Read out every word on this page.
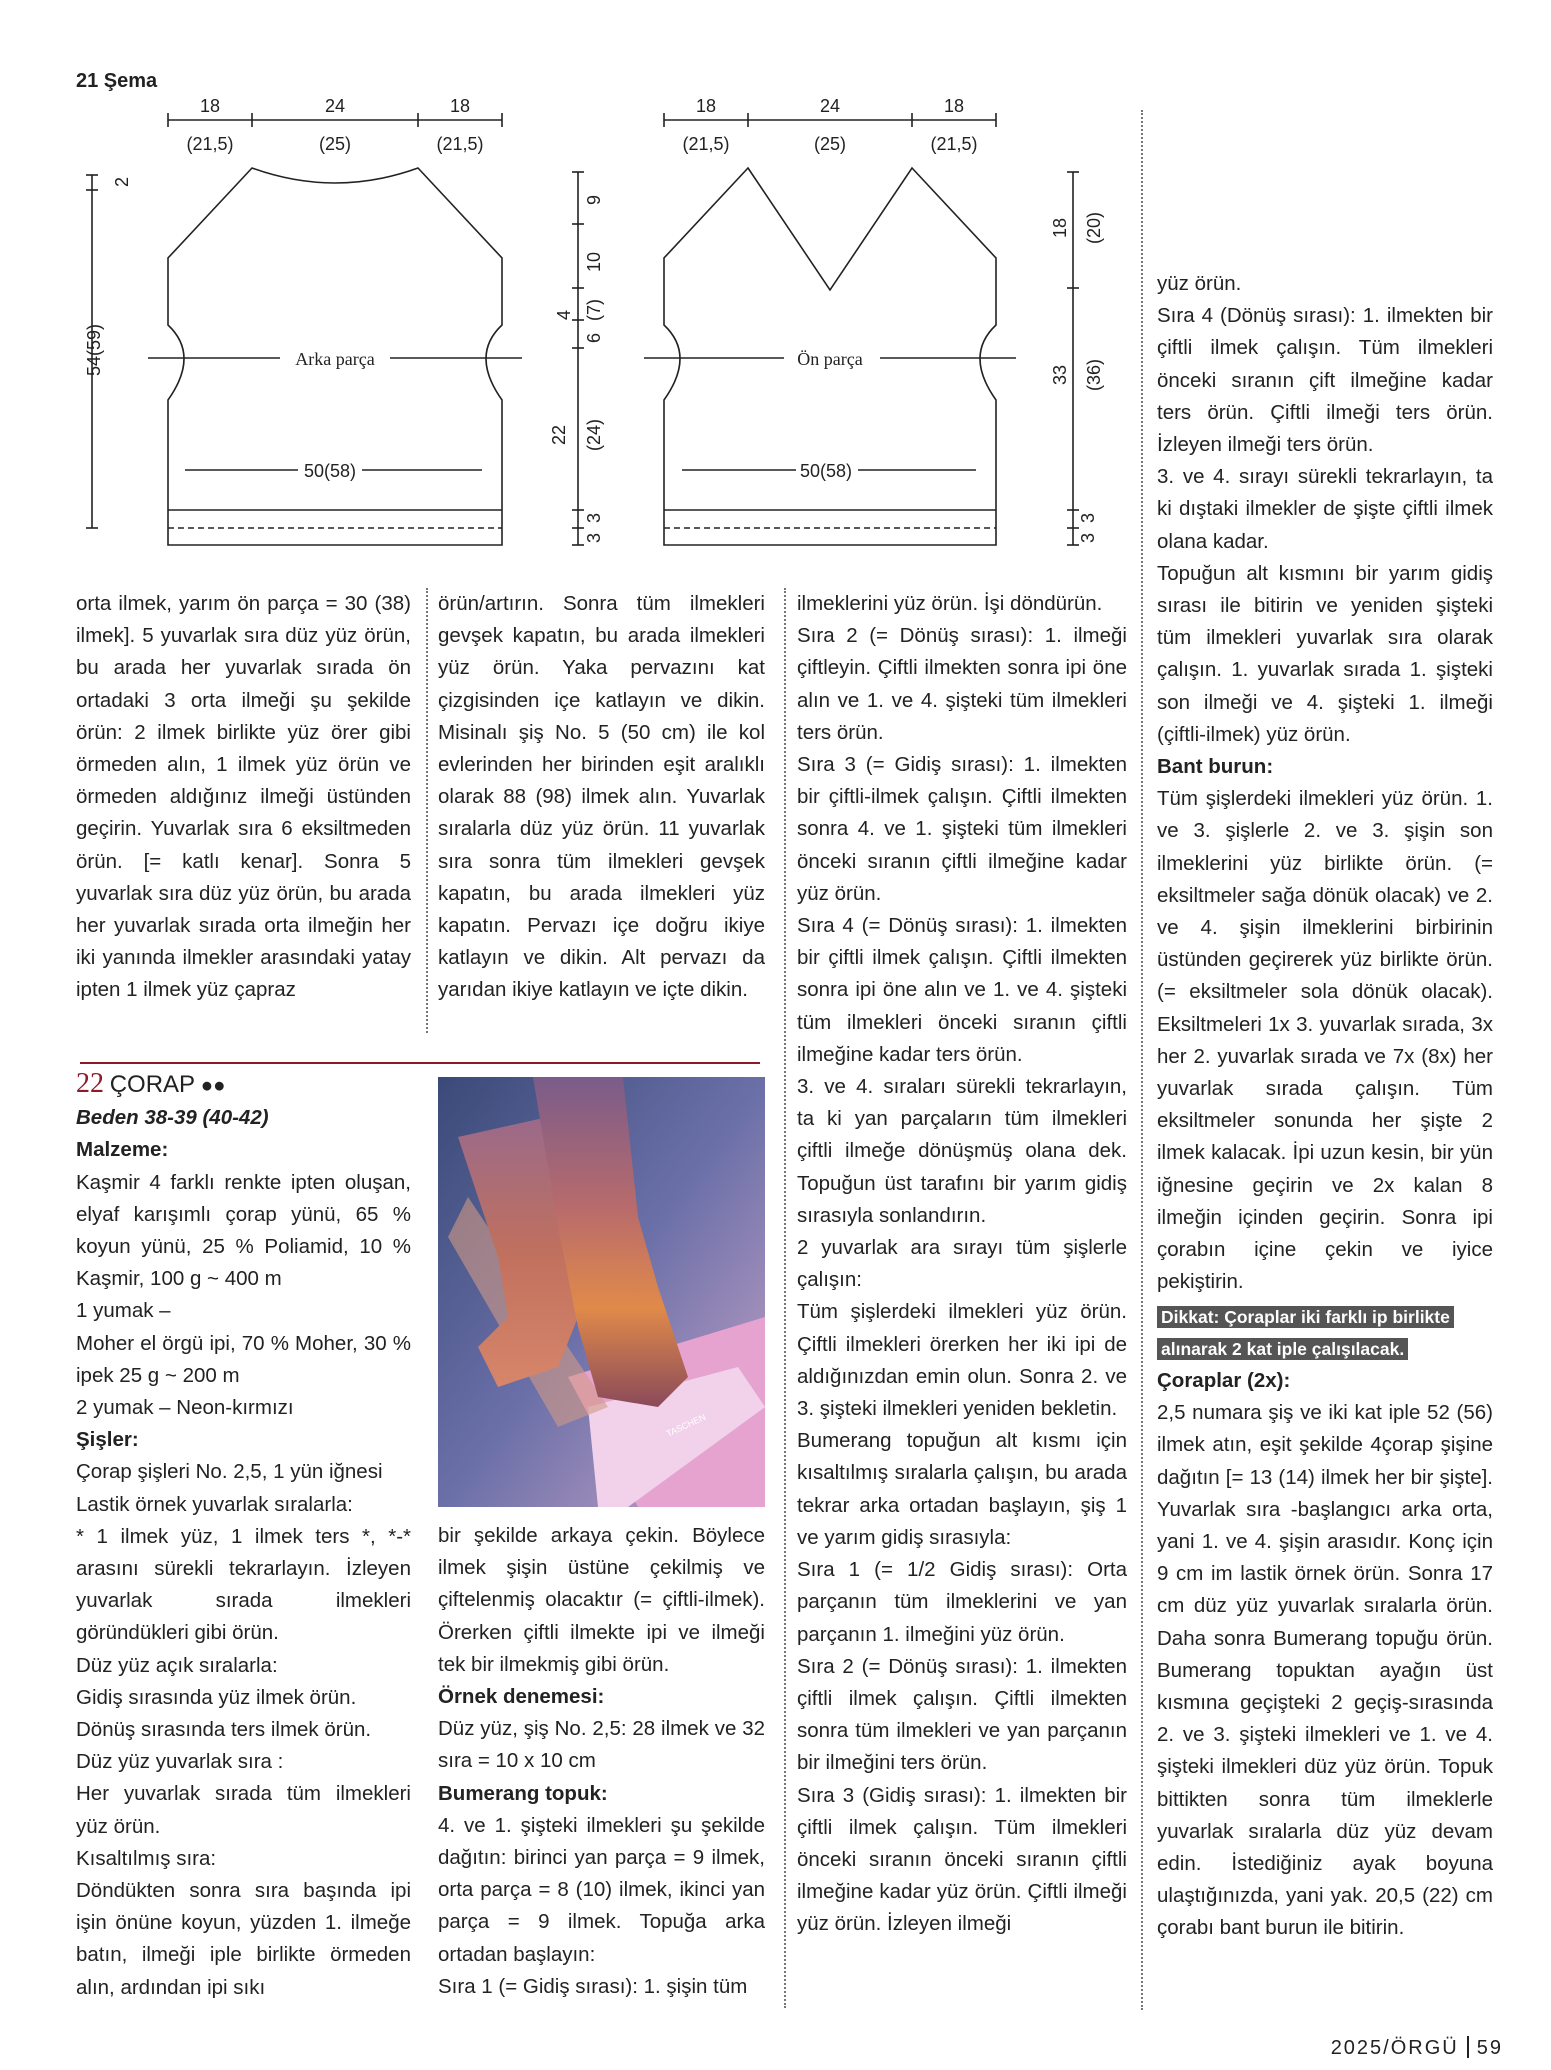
21 Şema
18	24	18
(21,5)	(25)	(21,5)
Arka parça
50(58)
2
54(59)
9
10
4
6
(7)
22 (24)
3
3
18	24	18
(21,5)	(25)	(21,5)
Ön parça
50(58)
18 (20)
33 (36)
3
3

orta ilmek, yarım ön parça = 30 (38) ilmek]. 5 yuvarlak sıra düz yüz örün, bu arada her yuvarlak sırada ön ortadaki 3 orta ilmeği şu şekilde örün: 2 ilmek birlikte yüz örer gibi örmeden alın, 1 ilmek yüz örün ve örmeden aldığınız ilmeği üstünden geçirin. Yuvarlak sıra 6 eksiltmeden örün. [= katlı kenar]. Sonra 5 yuvarlak sıra düz yüz örün, bu arada her yuvarlak sırada orta ilmeğin her iki yanında ilmekler arasındaki yatay ipten 1 ilmek yüz çapraz

22 ÇORAP ●●

Beden 38-39 (40-42)

Malzeme:

Kaşmir 4 farklı renkte ipten oluşan, elyaf karışımlı çorap yünü, 65 % koyun yünü, 25 % Poliamid, 10 % Kaşmir, 100 g ~ 400 m

1 yumak –

Moher el örgü ipi, 70 % Moher, 30 % ipek 25 g ~ 200 m

2 yumak – Neon-kırmızı

Şişler:

Çorap şişleri No. 2,5, 1 yün iğnesi

Lastik örnek yuvarlak sıralarla:

* 1 ilmek yüz, 1 ilmek ters *, *-* arasını sürekli tekrarlayın. İzleyen yuvarlak sırada ilmekleri göründükleri gibi örün.

Düz yüz açık sıralarla:

Gidiş sırasında yüz ilmek örün.

Dönüş sırasında ters ilmek örün.

Düz yüz yuvarlak sıra :

Her yuvarlak sırada tüm ilmekleri yüz örün.

Kısaltılmış sıra:

Döndükten sonra sıra başında ipi işin önüne koyun, yüzden 1. ilmeğe batın, ilmeği iple birlikte örmeden alın, ardından ipi sıkı

örün/artırın. Sonra tüm ilmekleri gevşek kapatın, bu arada ilmekleri yüz örün. Yaka pervazını kat çizgisinden içe katlayın ve dikin. Misinalı şiş No. 5 (50 cm) ile kol evlerinden her birinden eşit aralıklı olarak 88 (98) ilmek alın. Yuvarlak sıralarla düz yüz örün. 11 yuvarlak sıra sonra tüm ilmekleri gevşek kapatın, bu arada ilmekleri yüz kapatın. Pervazı içe doğru ikiye katlayın ve dikin. Alt pervazı da yarıdan ikiye katlayın ve içte dikin.

TASCHEN

bir şekilde arkaya çekin. Böylece ilmek şişin üstüne çekilmiş ve çiftelenmiş olacaktır (= çiftli-ilmek). Örerken çiftli ilmekte ipi ve ilmeği tek bir ilmekmiş gibi örün.

Örnek denemesi:

Düz yüz, şiş No. 2,5: 28 ilmek ve 32 sıra = 10 x 10 cm

Bumerang topuk:

4. ve 1. şişteki ilmekleri şu şekilde dağıtın: birinci yan parça = 9 ilmek, orta parça = 8 (10) ilmek, ikinci yan parça = 9 ilmek. Topuğa arka ortadan başlayın:

Sıra 1 (= Gidiş sırası): 1. şişin tüm

ilmeklerini yüz örün. İşi döndürün.

Sıra 2 (= Dönüş sırası): 1. ilmeği çiftleyin. Çiftli ilmekten sonra ipi öne alın ve 1. ve 4. şişteki tüm ilmekleri ters örün.

Sıra 3 (= Gidiş sırası): 1. ilmekten bir çiftli-ilmek çalışın. Çiftli ilmekten sonra 4. ve 1. şişteki tüm ilmekleri önceki sıranın çiftli ilmeğine kadar yüz örün.

Sıra 4 (= Dönüş sırası): 1. ilmekten bir çiftli ilmek çalışın. Çiftli ilmekten sonra ipi öne alın ve 1. ve 4. şişteki tüm ilmekleri önceki sıranın çiftli ilmeğine kadar ters örün.

3. ve 4. sıraları sürekli tekrarlayın, ta ki yan parçaların tüm ilmekleri çiftli ilmeğe dönüşmüş olana dek. Topuğun üst tarafını bir yarım gidiş sırasıyla sonlandırın.

2 yuvarlak ara sırayı tüm şişlerle çalışın:

Tüm şişlerdeki ilmekleri yüz örün. Çiftli ilmekleri örerken her iki ipi de aldığınızdan emin olun. Sonra 2. ve 3. şişteki ilmekleri yeniden bekletin.

Bumerang topuğun alt kısmı için kısaltılmış sıralarla çalışın, bu arada tekrar arka ortadan başlayın, şiş 1 ve yarım gidiş sırasıyla:

Sıra 1 (= 1/2 Gidiş sırası): Orta parçanın tüm ilmeklerini ve yan parçanın 1. ilmeğini yüz örün.

Sıra 2 (= Dönüş sırası): 1. ilmekten çiftli ilmek çalışın. Çiftli ilmekten sonra tüm ilmekleri ve yan parçanın bir ilmeğini ters örün.

Sıra 3 (Gidiş sırası): 1. ilmekten bir çiftli ilmek çalışın. Tüm ilmekleri önceki sıranın önceki sıranın çiftli ilmeğine kadar yüz örün. Çiftli ilmeği yüz örün. İzleyen ilmeği

yüz örün.

Sıra 4 (Dönüş sırası): 1. ilmekten bir çiftli ilmek çalışın. Tüm ilmekleri önceki sıranın çift ilmeğine kadar ters örün. Çiftli ilmeği ters örün. İzleyen ilmeği ters örün.

3. ve 4. sırayı sürekli tekrarlayın, ta ki dıştaki ilmekler de şişte çiftli ilmek olana kadar.

Topuğun alt kısmını bir yarım gidiş sırası ile bitirin ve yeniden şişteki tüm ilmekleri yuvarlak sıra olarak çalışın. 1. yuvarlak sırada 1. şişteki son ilmeği ve 4. şişteki 1. ilmeği (çiftli-ilmek) yüz örün.

Bant burun:

Tüm şişlerdeki ilmekleri yüz örün. 1. ve 3. şişlerle 2. ve 3. şişin son ilmeklerini yüz birlikte örün. (= eksiltmeler sağa dönük olacak) ve 2. ve 4. şişin ilmeklerini birbirinin üstünden geçirerek yüz birlikte örün. (= eksiltmeler sola dönük olacak). Eksiltmeleri 1x 3. yuvarlak sırada, 3x her 2. yuvarlak sırada ve 7x (8x) her yuvarlak sırada çalışın. Tüm eksiltmeler sonunda her şişte 2 ilmek kalacak. İpi uzun kesin, bir yün iğnesine geçirin ve 2x kalan 8 ilmeğin içinden geçirin. Sonra ipi çorabın içine çekin ve iyice pekiştirin.

Dikkat: Çoraplar iki farklı ip birlikte

alınarak 2 kat iple çalışılacak.

Çoraplar (2x):

2,5 numara şiş ve iki kat iple 52 (56) ilmek atın, eşit şekilde 4çorap şişine dağıtın [= 13 (14) ilmek her bir şişte]. Yuvarlak sıra -başlangıcı arka orta, yani 1. ve 4. şişin arasıdır. Konç için 9 cm im lastik örnek örün. Sonra 17 cm düz yüz yuvarlak sıralarla örün. Daha sonra Bumerang topuğu örün. Bumerang topuktan ayağın üst kısmına geçişteki 2 geçiş-sırasında 2. ve 3. şişteki ilmekleri ve 1. ve 4. şişteki ilmekleri düz yüz örün. Topuk bittikten sonra tüm ilmeklerle yuvarlak sıralarla düz yüz devam edin. İstediğiniz ayak boyuna ulaştığınızda, yani yak. 20,5 (22) cm çorabı bant burun ile bitirin.

2025/ÖRGÜ 59
